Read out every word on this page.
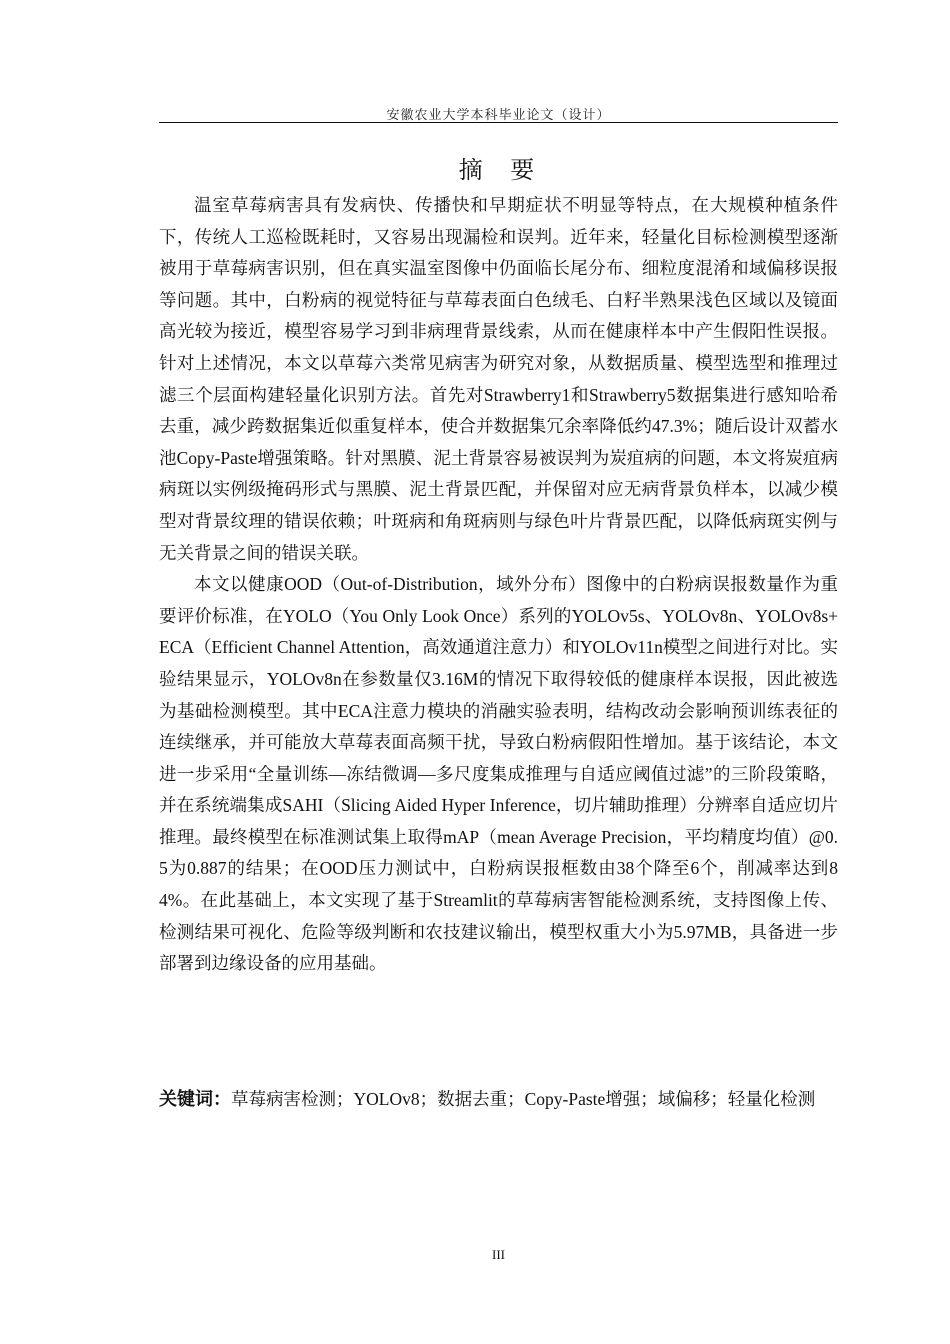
安徽农业大学本科毕业论文（设计）
摘 要

温室草莓病害具有发病快、传播快和早期症状不明显等特点，在大规模种植条件下，传统人工巡检既耗时，又容易出现漏检和误判。近年来，轻量化目标检测模型逐渐被用于草莓病害识别，但在真实温室图像中仍面临长尾分布、细粒度混淆和域偏移误报等问题。其中，白粉病的视觉特征与草莓表面白色绒毛、白籽半熟果浅色区域以及镜面高光较为接近，模型容易学习到非病理背景线索，从而在健康样本中产生假阳性误报。针对上述情况，本文以草莓六类常见病害为研究对象，从数据质量、模型选型和推理过滤三个层面构建轻量化识别方法。首先对Strawberry1和Strawberry5数据集进行感知哈希去重，减少跨数据集近似重复样本，使合并数据集冗余率降低约47.3%；随后设计双蓄水池Copy-Paste增强策略。针对黑膜、泥土背景容易被误判为炭疽病的问题，本文将炭疽病病斑以实例级掩码形式与黑膜、泥土背景匹配，并保留对应无病背景负样本，以减少模型对背景纹理的错误依赖；叶斑病和角斑病则与绿色叶片背景匹配，以降低病斑实例与无关背景之间的错误关联。

本文以健康OOD（Out-of-Distribution，域外分布）图像中的白粉病误报数量作为重要评价标准，在YOLO（You Only Look Once）系列的YOLOv5s、YOLOv8n、YOLOv8s+ECA（Efficient Channel Attention，高效通道注意力）和YOLOv11n模型之间进行对比。实验结果显示，YOLOv8n在参数量仅3.16M的情况下取得较低的健康样本误报，因此被选为基础检测模型。其中ECA注意力模块的消融实验表明，结构改动会影响预训练表征的连续继承，并可能放大草莓表面高频干扰，导致白粉病假阳性增加。基于该结论，本文进一步采用“全量训练—冻结微调—多尺度集成推理与自适应阈值过滤”的三阶段策略，并在系统端集成SAHI（Slicing Aided Hyper Inference，切片辅助推理）分辨率自适应切片推理。最终模型在标准测试集上取得mAP（mean Average Precision，平均精度均值）@0.5为0.887的结果；在OOD压力测试中，白粉病误报框数由38个降至6个，削减率达到84%。在此基础上，本文实现了基于Streamlit的草莓病害智能检测系统，支持图像上传、检测结果可视化、危险等级判断和农技建议输出，模型权重大小为5.97MB，具备进一步部署到边缘设备的应用基础。

关键词：草莓病害检测；YOLOv8；数据去重；Copy-Paste增强；域偏移；轻量化检测
III
